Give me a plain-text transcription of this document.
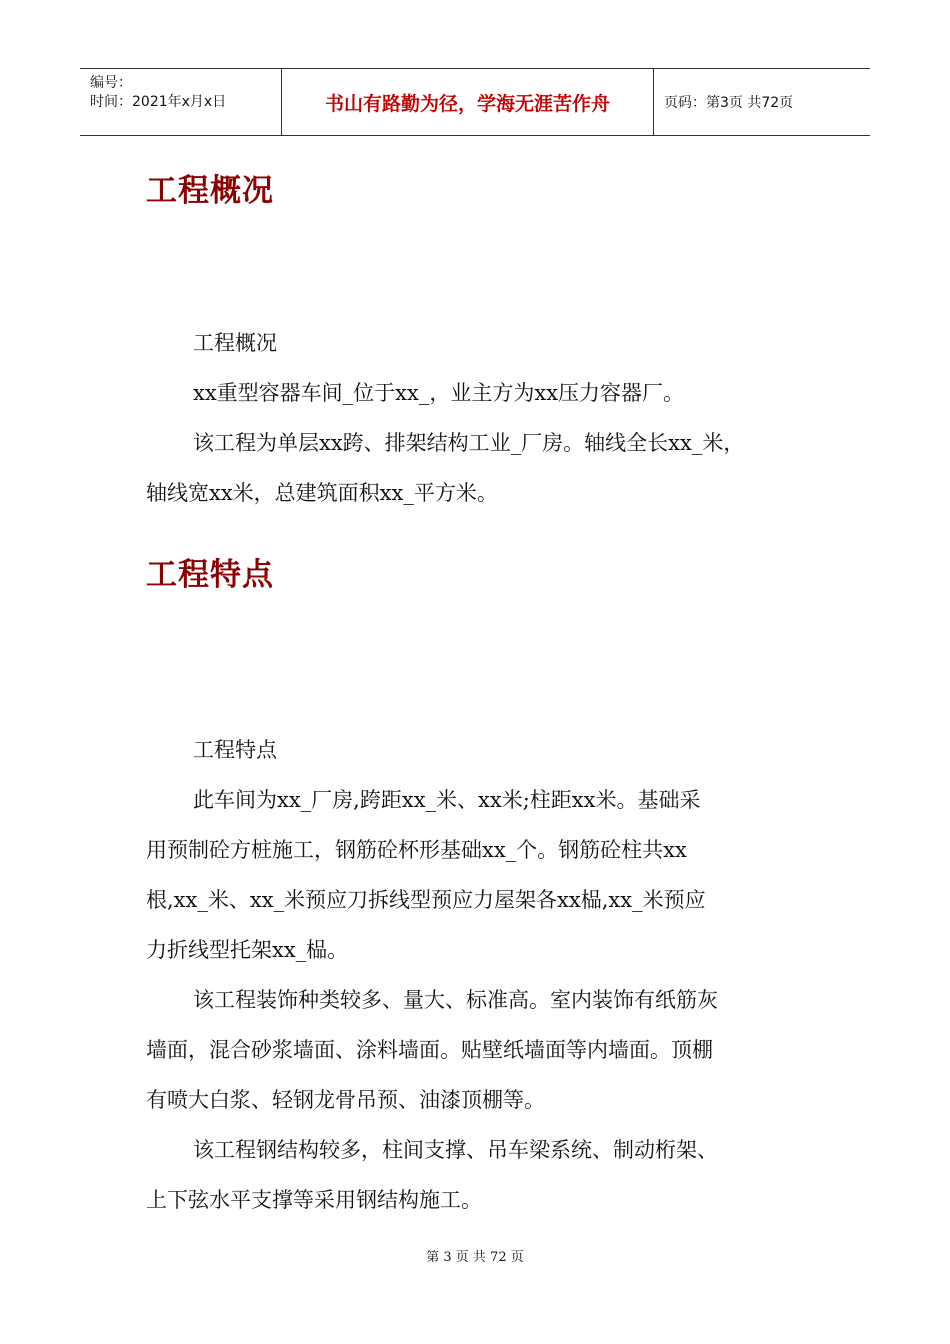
编号：
时间：2021年x月x日	书山有路勤为径，学海无涯苦作舟	页码：第3页 共72页
工程概况
工程概况
xx重型容器车间_位于xx_，业主方为xx压力容器厂。
该工程为单层xx跨、排架结构工业_厂房。轴线全长xx_米，
轴线宽xx米，总建筑面积xx_平方米。
工程特点
工程特点
此车间为xx_厂房,跨距xx_米、xx米;柱距xx米。基础采
用预制砼方桩施工，钢筋砼杯形基础xx_个。钢筋砼柱共xx
根,xx_米、xx_米预应刀拆线型预应力屋架各xx榀,xx_米预应
力折线型托架xx_榀。
该工程装饰种类较多、量大、标准高。室内装饰有纸筋灰
墙面，混合砂浆墙面、涂料墙面。贴壁纸墙面等内墙面。顶棚
有喷大白浆、轻钢龙骨吊预、油漆顶棚等。
该工程钢结构较多，柱间支撑、吊车梁系统、制动桁架、
上下弦水平支撑等采用钢结构施工。
第 3 页 共 72 页
